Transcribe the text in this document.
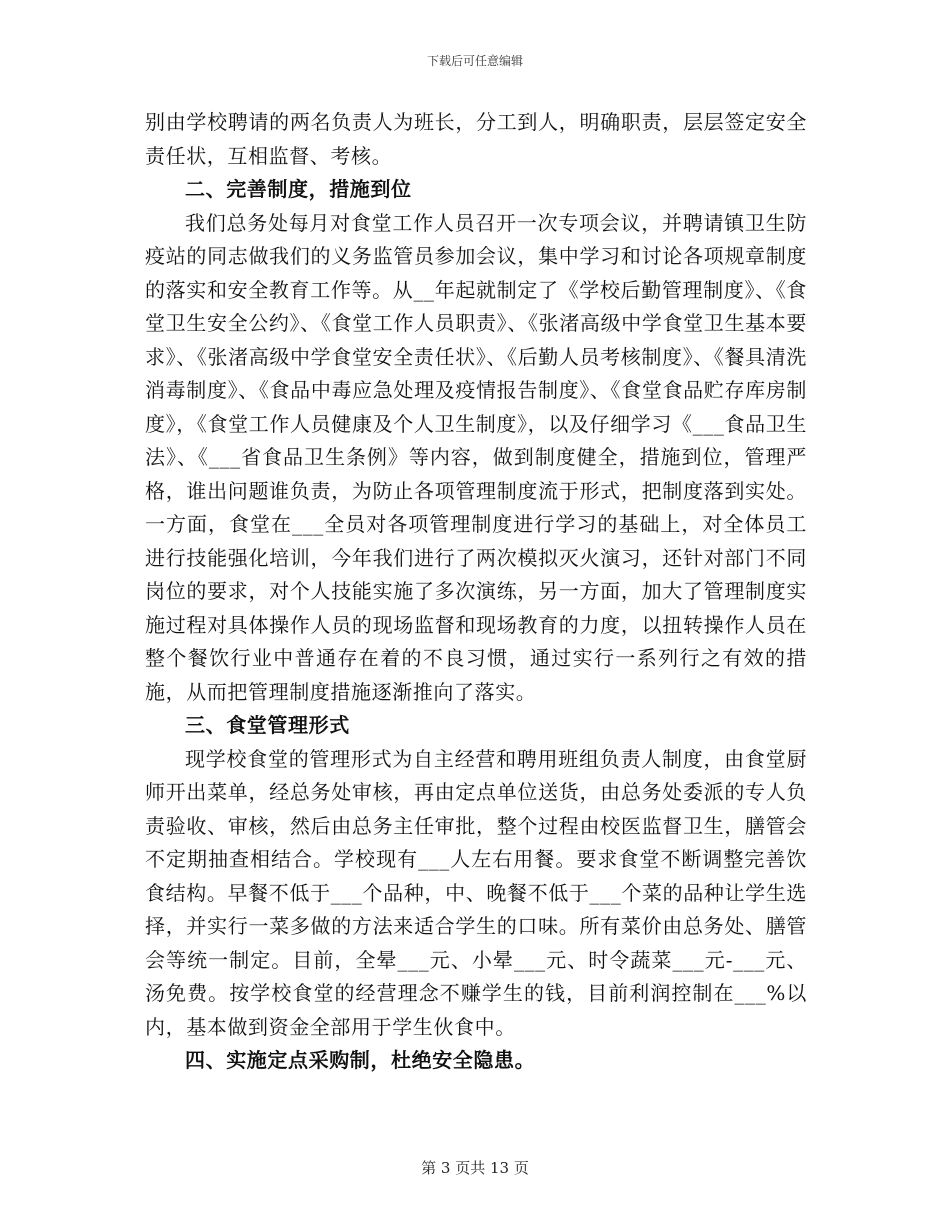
下载后可任意编辑

别由学校聘请的两名负责人为班长，分工到人，明确职责，层层签定安全责任状，互相监督、考核。

二、完善制度，措施到位

我们总务处每月对食堂工作人员召开一次专项会议，并聘请镇卫生防疫站的同志做我们的义务监管员参加会议，集中学习和讨论各项规章制度的落实和安全教育工作等。从__年起就制定了《学校后勤管理制度》、《食堂卫生安全公约》、《食堂工作人员职责》、《张渚高级中学食堂卫生基本要求》、《张渚高级中学食堂安全责任状》、《后勤人员考核制度》、《餐具清洗消毒制度》、《食品中毒应急处理及疫情报告制度》、《食堂食品贮存库房制度》，《食堂工作人员健康及个人卫生制度》，以及仔细学习《___食品卫生法》、《___省食品卫生条例》等内容，做到制度健全，措施到位，管理严格，谁出问题谁负责，为防止各项管理制度流于形式，把制度落到实处。一方面，食堂在___全员对各项管理制度进行学习的基础上，对全体员工进行技能强化培训，今年我们进行了两次模拟灭火演习，还针对部门不同岗位的要求，对个人技能实施了多次演练，另一方面，加大了管理制度实施过程对具体操作人员的现场监督和现场教育的力度，以扭转操作人员在整个餐饮行业中普通存在着的不良习惯，通过实行一系列行之有效的措施，从而把管理制度措施逐渐推向了落实。

三、食堂管理形式

现学校食堂的管理形式为自主经营和聘用班组负责人制度，由食堂厨师开出菜单，经总务处审核，再由定点单位送货，由总务处委派的专人负责验收、审核，然后由总务主任审批，整个过程由校医监督卫生，膳管会不定期抽查相结合。学校现有___人左右用餐。要求食堂不断调整完善饮食结构。早餐不低于___个品种，中、晚餐不低于___个菜的品种让学生选择，并实行一菜多做的方法来适合学生的口味。所有菜价由总务处、膳管会等统一制定。目前，全晕___元、小晕___元、时令蔬菜___元-___元、汤免费。按学校食堂的经营理念不赚学生的钱，目前利润控制在___%以内，基本做到资金全部用于学生伙食中。

四、实施定点采购制，杜绝安全隐患。

第 3 页共 13 页
